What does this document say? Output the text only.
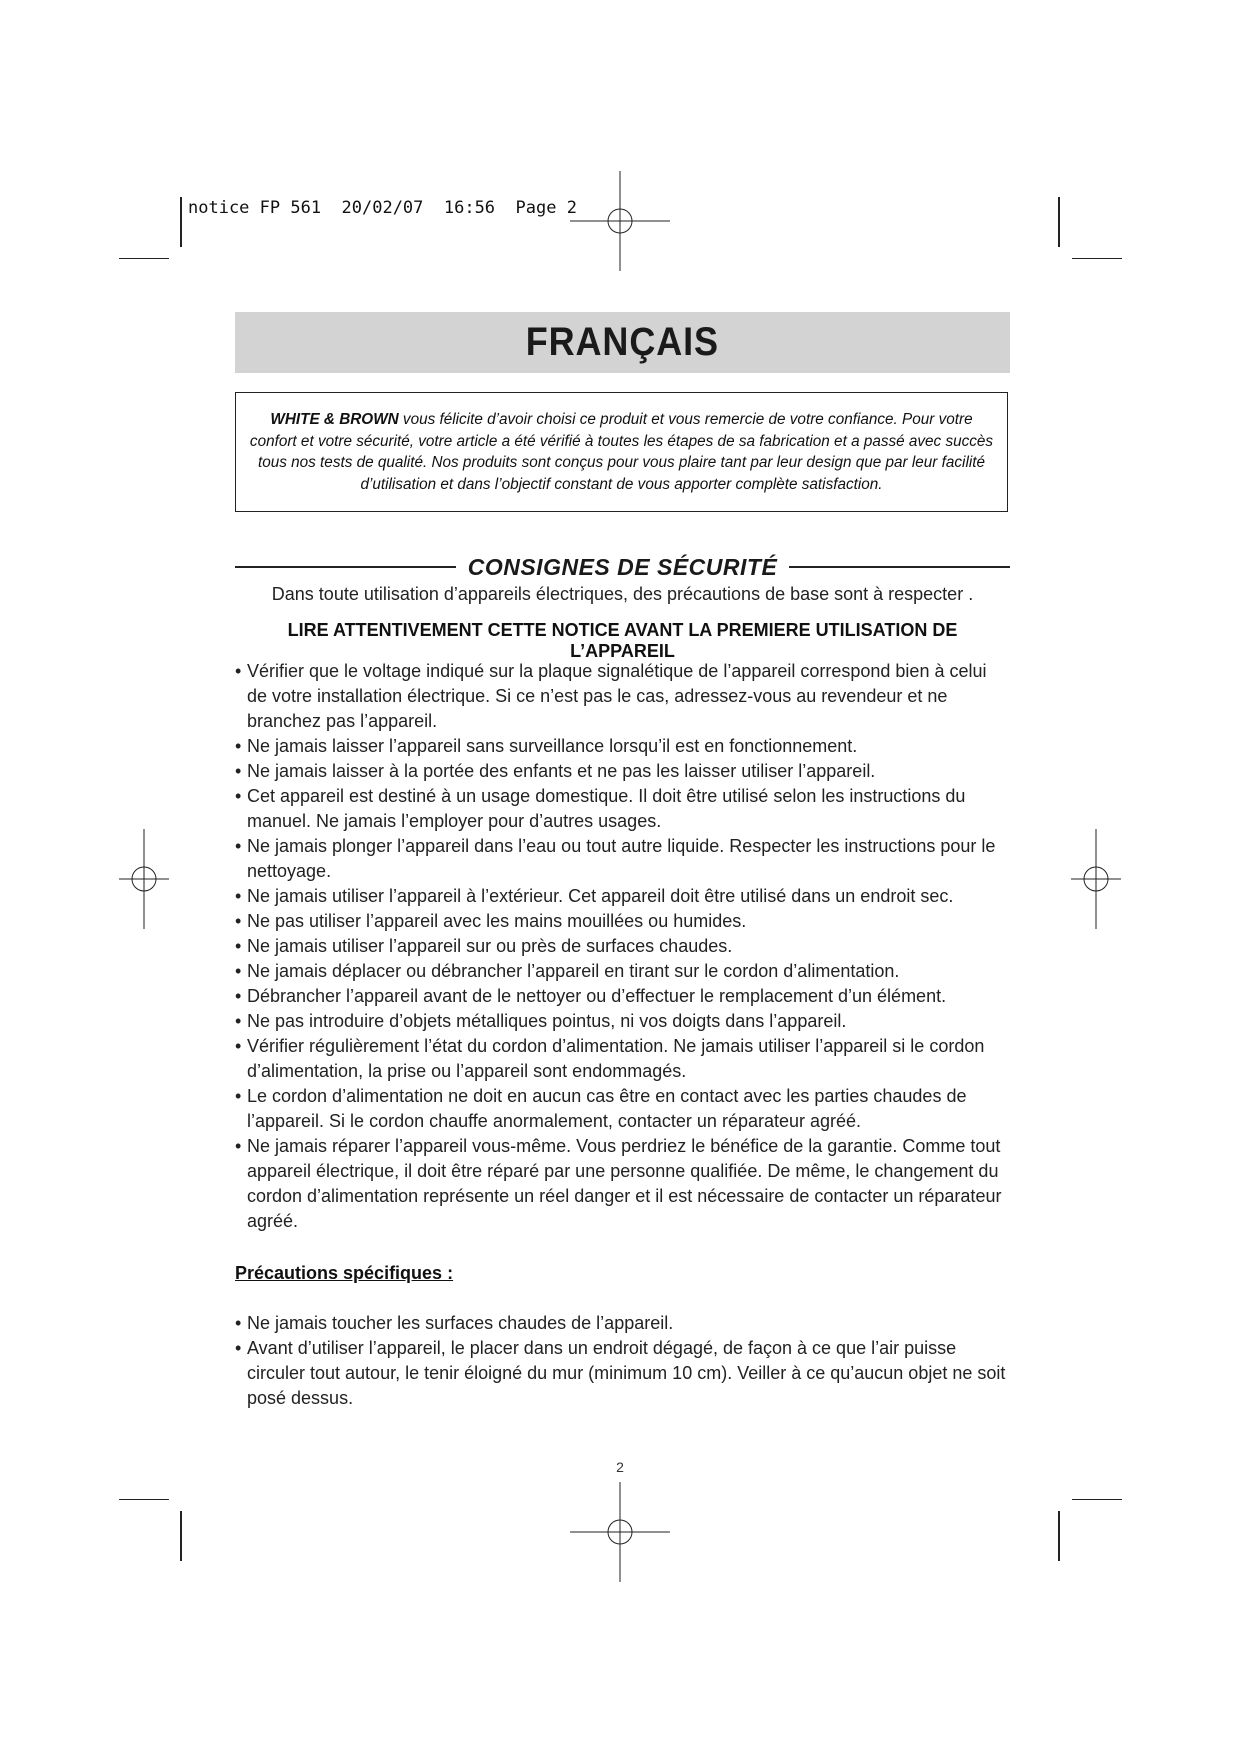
notice FP 561  20/02/07  16:56  Page 2
FRANÇAIS

WHITE & BROWN vous félicite d’avoir choisi ce produit et vous remercie de votre confiance. Pour votre confort et votre sécurité, votre article a été vérifié à toutes les étapes de sa fabrication et a passé avec succès tous nos tests de qualité. Nos produits sont conçus pour vous plaire tant par leur design que par leur facilité d’utilisation et dans l’objectif constant de vous apporter complète satisfaction.

CONSIGNES DE SÉCURITÉ
Dans toute utilisation d’appareils électriques, des précautions de base sont à respecter .
LIRE ATTENTIVEMENT CETTE NOTICE AVANT LA PREMIERE UTILISATION DE L’APPAREIL
• Vérifier que le voltage indiqué sur la plaque signalétique de l’appareil correspond bien à celui de votre installation électrique. Si ce n’est pas le cas, adressez-vous au revendeur et ne branchez pas l’appareil.
• Ne jamais laisser l’appareil sans surveillance lorsqu’il est en fonctionnement.
• Ne jamais laisser à la portée des enfants et ne pas les laisser utiliser l’appareil.
• Cet appareil est destiné à un usage domestique. Il doit être utilisé selon les instructions du manuel. Ne jamais l’employer pour d’autres usages.
• Ne jamais plonger l’appareil dans l’eau ou tout autre liquide. Respecter les instructions pour le nettoyage.
• Ne jamais utiliser l’appareil à l’extérieur. Cet appareil doit être utilisé dans un endroit sec.
• Ne pas utiliser l’appareil avec les mains mouillées ou humides.
• Ne jamais utiliser l’appareil sur ou près de surfaces chaudes.
• Ne jamais déplacer ou débrancher l’appareil en tirant sur le cordon d’alimentation.
• Débrancher l’appareil avant de le nettoyer ou d’effectuer le remplacement d’un élément.
• Ne pas introduire d’objets métalliques pointus, ni vos doigts dans l’appareil.
• Vérifier régulièrement l’état du cordon d’alimentation. Ne jamais utiliser l’appareil si le cordon d’alimentation, la prise ou l’appareil sont endommagés.
• Le cordon d’alimentation ne doit en aucun cas être en contact avec les parties chaudes de l’appareil. Si le cordon chauffe anormalement, contacter un réparateur agréé.
• Ne jamais réparer l’appareil vous-même. Vous perdriez le bénéfice de la garantie. Comme tout appareil électrique, il doit être réparé par une personne qualifiée. De même, le changement du cordon d’alimentation représente un réel danger et il est nécessaire de contacter un réparateur agréé.
Précautions spécifiques :
• Ne jamais toucher les surfaces chaudes de l’appareil.
• Avant d’utiliser l’appareil, le placer dans un endroit dégagé, de façon à ce que l’air puisse circuler tout autour, le tenir éloigné du mur (minimum 10 cm). Veiller à ce qu’aucun objet ne soit posé dessus.
2
